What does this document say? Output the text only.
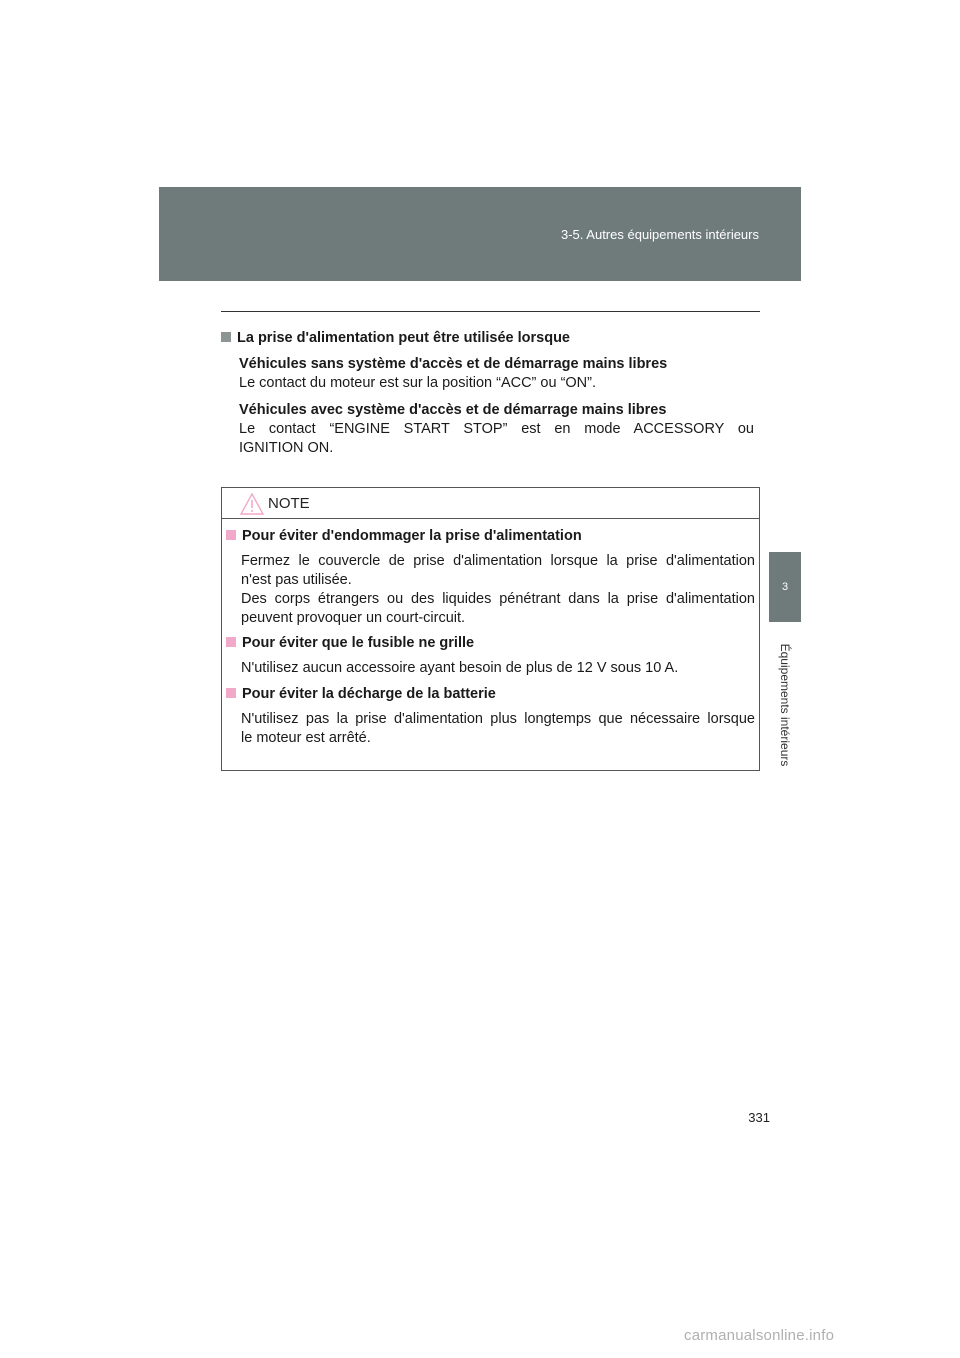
3-5. Autres équipements intérieurs
3
Équipements intérieurs
La prise d'alimentation peut être utilisée lorsque
Véhicules sans système d'accès et de démarrage mains libres
Le contact du moteur est sur la position “ACC” ou “ON”.
Véhicules avec système d'accès et de démarrage mains libres
Le contact “ENGINE START STOP” est en mode ACCESSORY ou
IGNITION ON.
NOTE
Pour éviter d'endommager la prise d'alimentation
Fermez le couvercle de prise d'alimentation lorsque la prise d'alimentation
n'est pas utilisée.
Des corps étrangers ou des liquides pénétrant dans la prise d'alimentation
peuvent provoquer un court-circuit.
Pour éviter que le fusible ne grille
N'utilisez aucun accessoire ayant besoin de plus de 12 V sous 10 A.
Pour éviter la décharge de la batterie
N'utilisez pas la prise d'alimentation plus longtemps que nécessaire lorsque
le moteur est arrêté.
331
carmanualsonline.info
